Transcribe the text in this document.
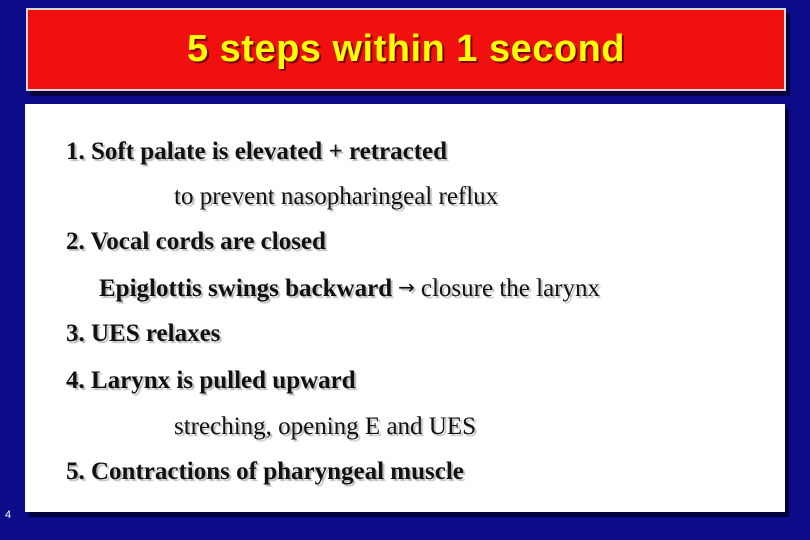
5 steps within 1 second
1. Soft palate is elevated + retracted
to prevent nasopharingeal reflux
2. Vocal cords are closed
Epiglottis swings backward → closure the larynx
3. UES relaxes
4. Larynx is pulled upward
streching, opening E and UES
5. Contractions of pharyngeal muscle
4
